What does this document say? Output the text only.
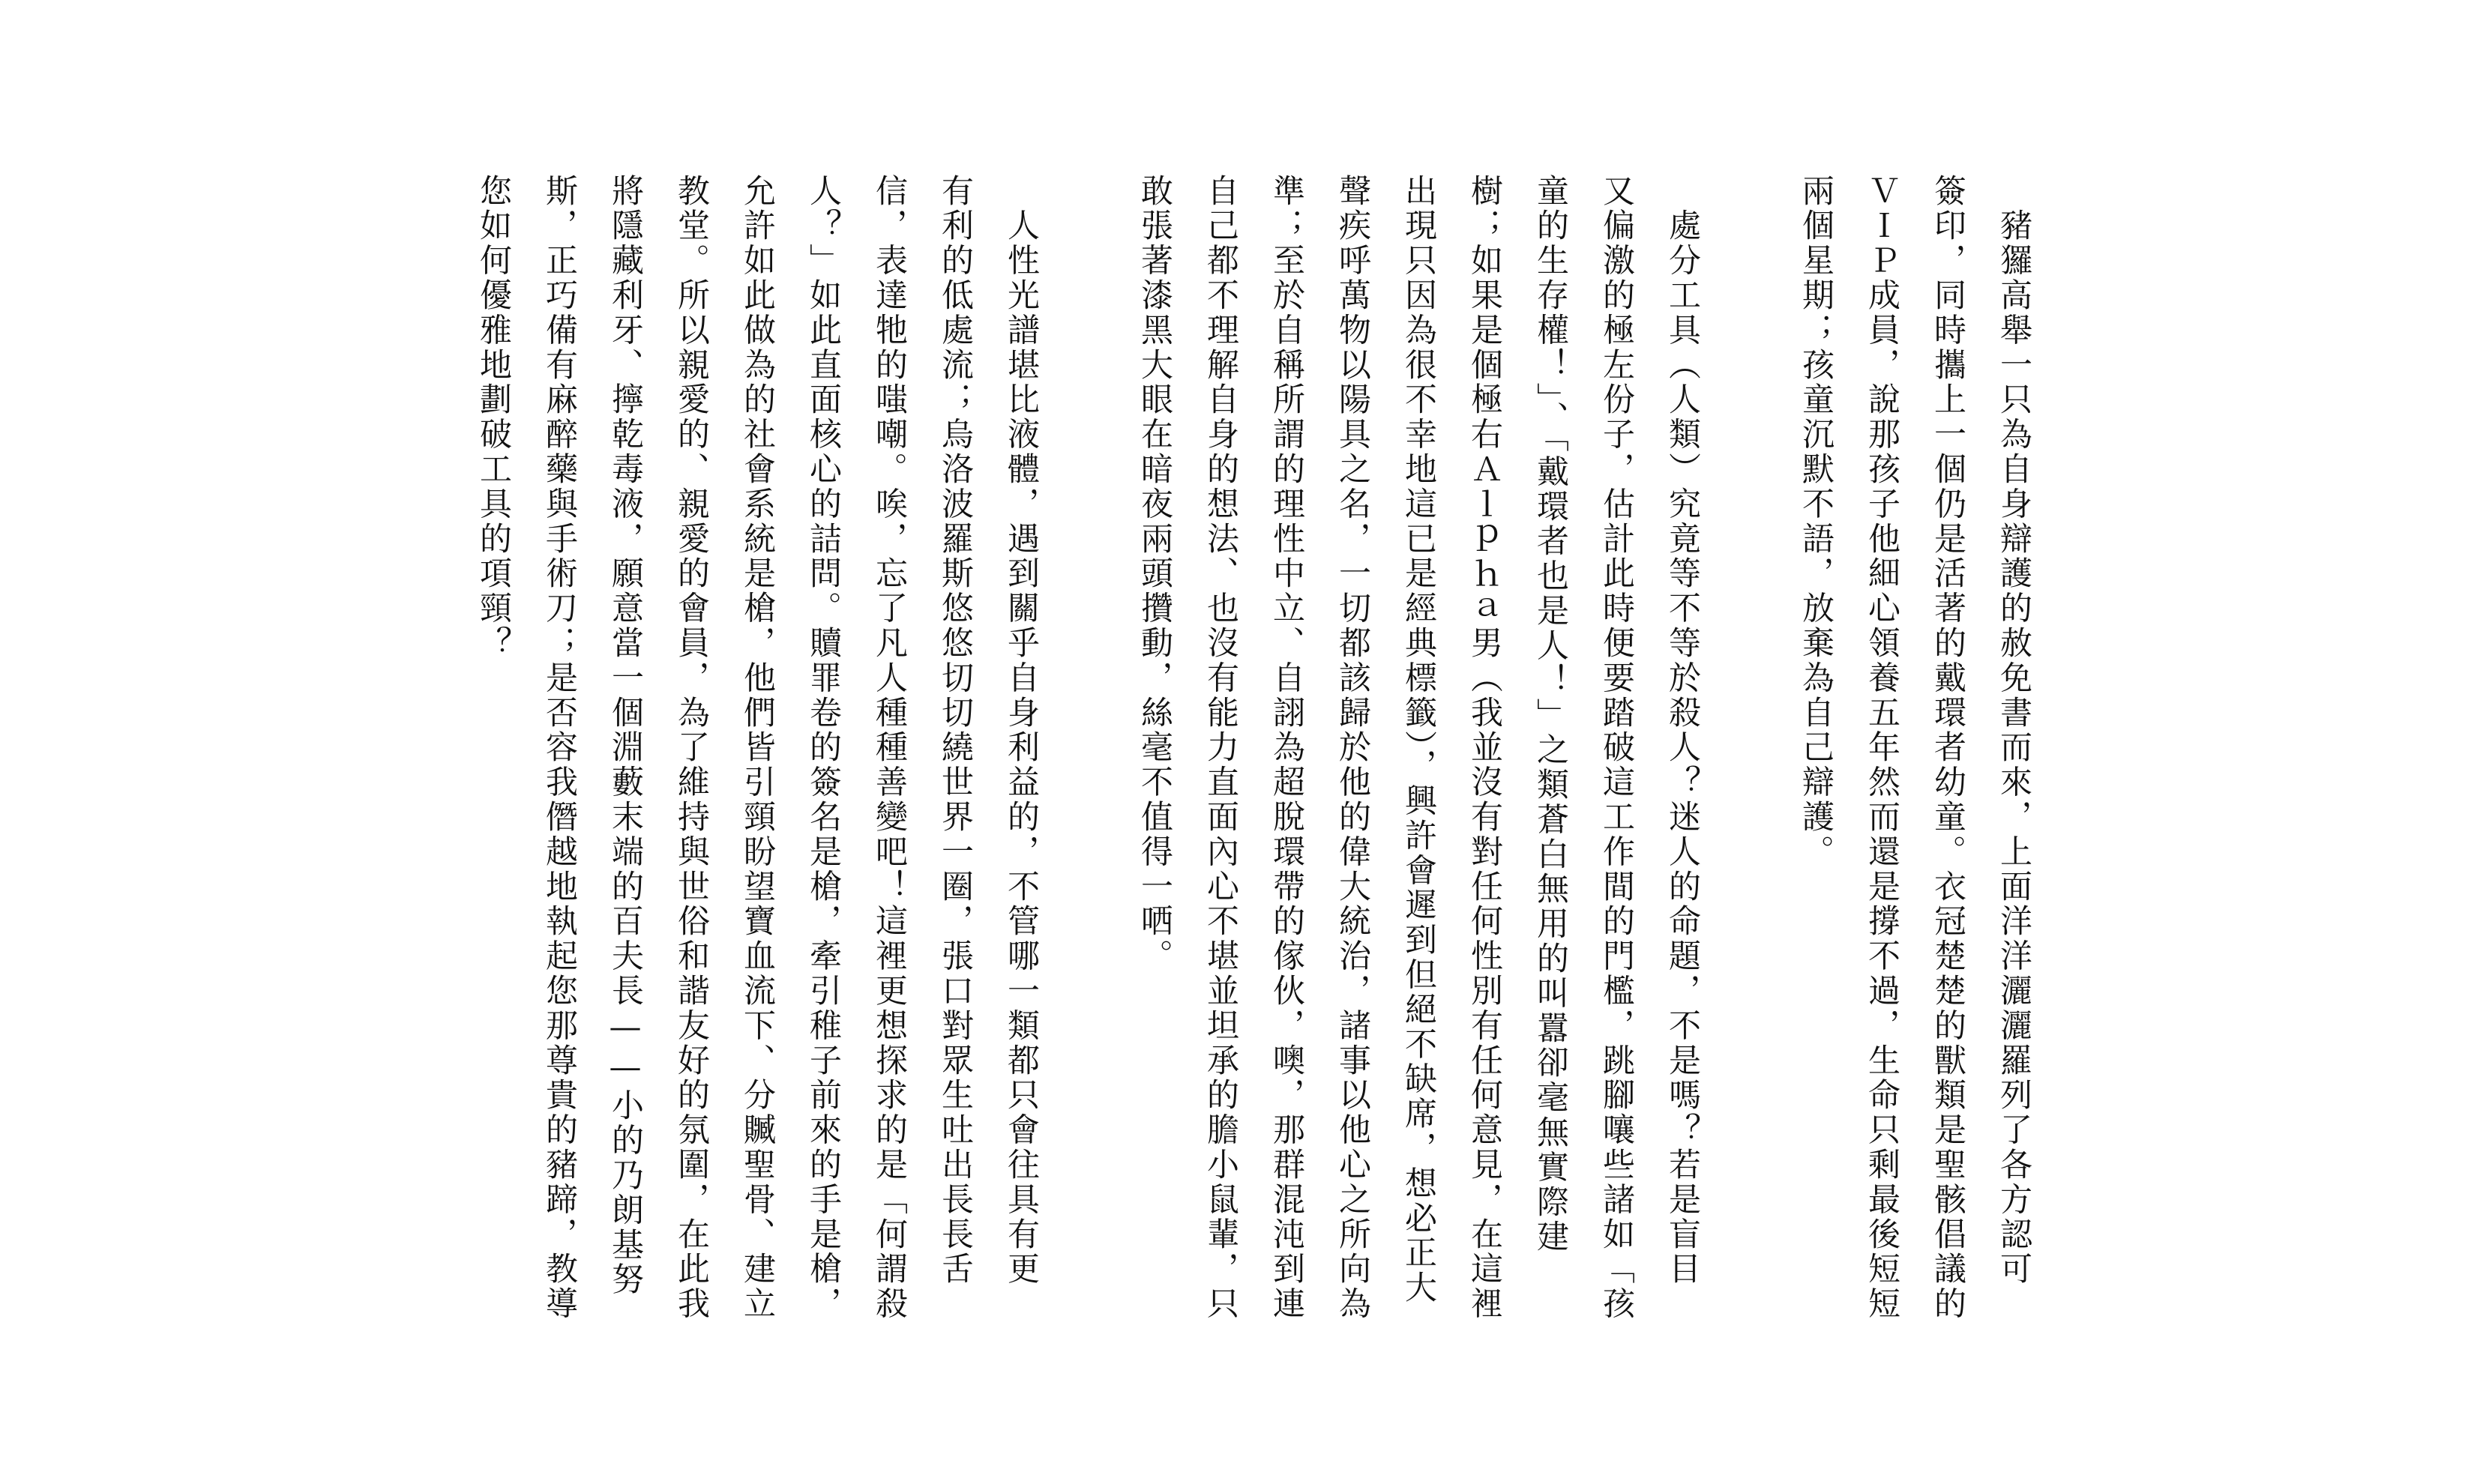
　豬玀高舉一只為自身辯護的赦免書而來，上面洋洋灑灑羅列了各方認可
簽印，同時攜上一個仍是活著的戴環者幼童。衣冠楚楚的獸類是聖骸倡議的
ＶＩＰ成員，說那孩子他細心領養五年然而還是撐不過，生命只剩最後短短
兩個星期；孩童沉默不語，放棄為自己辯護。
　處分工具（人類）究竟等不等於殺人？迷人的命題，不是嗎？若是盲目
又偏激的極左份子，估計此時便要踏破這工作間的門檻，跳腳嚷些諸如「孩
童的生存權！」、「戴環者也是人！」之類蒼白無用的叫囂卻毫無實際建
樹；如果是個極右Ａｌｐｈａ男（我並沒有對任何性別有任何意見，在這裡
出現只因為很不幸地這已是經典標籤），興許會遲到但絕不缺席，想必正大
聲疾呼萬物以陽具之名，一切都該歸於他的偉大統治，諸事以他心之所向為
準；至於自稱所謂的理性中立、自詡為超脫環帶的傢伙，噢，那群混沌到連
自己都不理解自身的想法、也沒有能力直面內心不堪並坦承的膽小鼠輩，只
敢張著漆黑大眼在暗夜兩頭攢動，絲毫不值得一哂。
　人性光譜堪比液體，遇到關乎自身利益的，不管哪一類都只會往具有更
有利的低處流；烏洛波羅斯悠悠切切繞世界一圈，張口對眾生吐出長長舌
信，表達牠的嗤嘲。唉，忘了凡人種種善變吧！這裡更想探求的是「何謂殺
人？」如此直面核心的詰問。贖罪卷的簽名是槍，牽引稚子前來的手是槍，
允許如此做為的社會系統是槍，他們皆引頸盼望寶血流下、分贓聖骨、建立
教堂。所以親愛的、親愛的會員，為了維持與世俗和諧友好的氛圍，在此我
將隱藏利牙、擰乾毒液，願意當一個淵藪末端的百夫長——小的乃朗基努
斯，正巧備有麻醉藥與手術刀；是否容我僭越地執起您那尊貴的豬蹄，教導
您如何優雅地劃破工具的項頸？
